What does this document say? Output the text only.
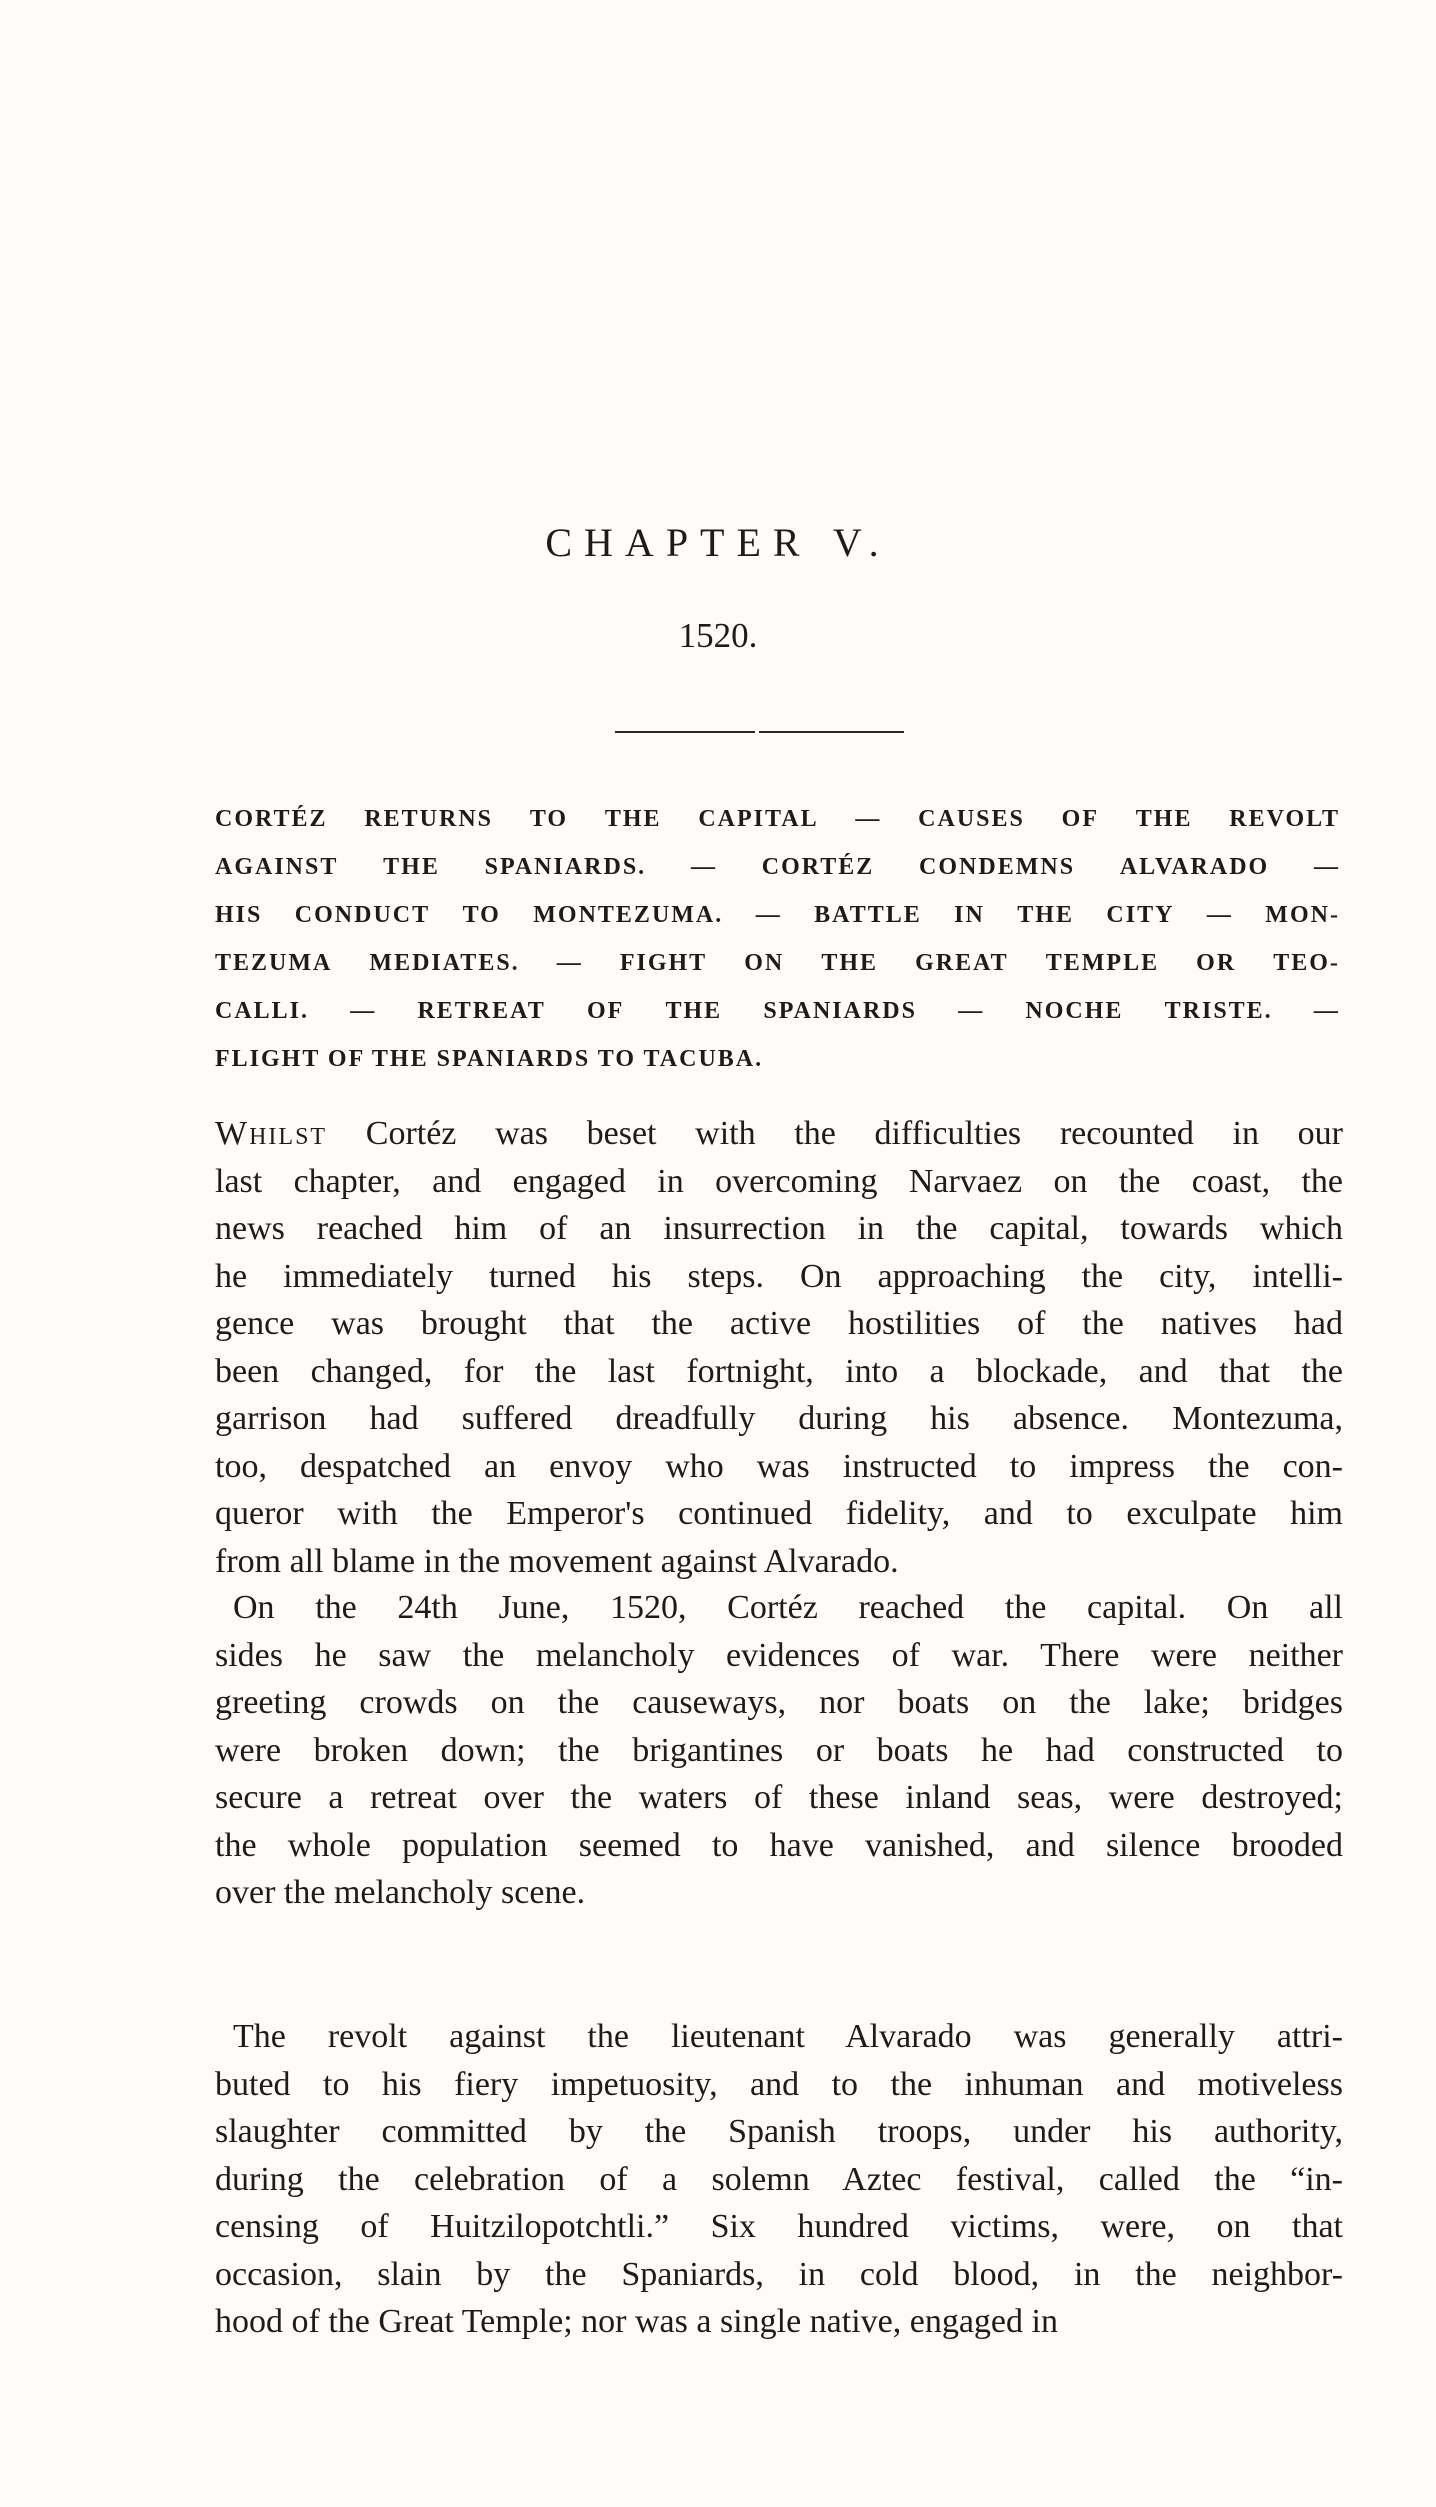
CHAPTER V.
1520.
CORTÉZ RETURNS TO THE CAPITAL — CAUSES OF THE REVOLT
AGAINST THE SPANIARDS. — CORTÉZ CONDEMNS ALVARADO —
HIS CONDUCT TO MONTEZUMA. — BATTLE IN THE CITY — MON-
TEZUMA MEDIATES. — FIGHT ON THE GREAT TEMPLE OR TEO-
CALLI. — RETREAT OF THE SPANIARDS — NOCHE TRISTE. —
FLIGHT OF THE SPANIARDS TO TACUBA.
Whilst Cortéz was beset with the difficulties recounted in our
last chapter, and engaged in overcoming Narvaez on the coast, the
news reached him of an insurrection in the capital, towards which
he immediately turned his steps. On approaching the city, intelli-
gence was brought that the active hostilities of the natives had
been changed, for the last fortnight, into a blockade, and that the
garrison had suffered dreadfully during his absence. Montezuma,
too, despatched an envoy who was instructed to impress the con-
queror with the Emperor's continued fidelity, and to exculpate him
from all blame in the movement against Alvarado.
On the 24th June, 1520, Cortéz reached the capital. On all
sides he saw the melancholy evidences of war. There were neither
greeting crowds on the causeways, nor boats on the lake; bridges
were broken down; the brigantines or boats he had constructed to
secure a retreat over the waters of these inland seas, were destroyed;
the whole population seemed to have vanished, and silence brooded
over the melancholy scene.
The revolt against the lieutenant Alvarado was generally attri-
buted to his fiery impetuosity, and to the inhuman and motiveless
slaughter committed by the Spanish troops, under his authority,
during the celebration of a solemn Aztec festival, called the “in-
censing of Huitzilopotchtli.” Six hundred victims, were, on that
occasion, slain by the Spaniards, in cold blood, in the neighbor-
hood of the Great Temple; nor was a single native, engaged in
